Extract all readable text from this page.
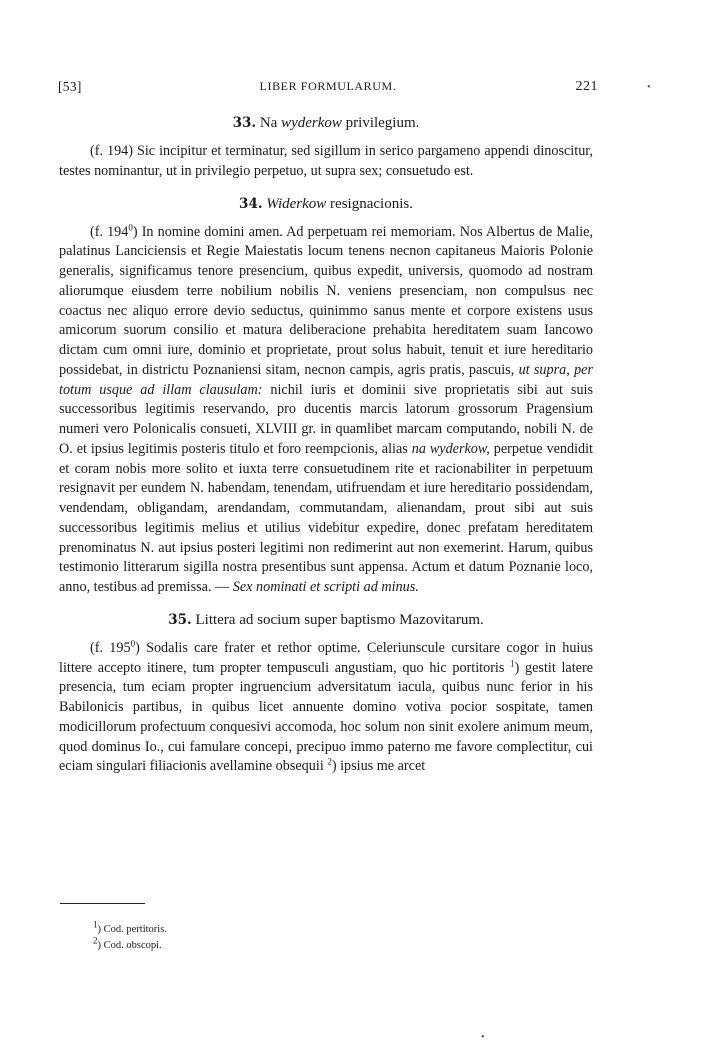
[53]	LIBER FORMULARUM.	221
33. Na wyderkow privilegium.

(f. 194) Sic incipitur et terminatur, sed sigillum in serico pargameno appendi dinoscitur, testes nominantur, ut in privilegio perpetuo, ut supra sex; consuetudo est.

34. Widerkow resignacionis.

(f. $194^0$) In nomine domini amen. Ad perpetuam rei memoriam. Nos Albertus de Malie, palatinus Lanciciensis et Regie Maiestatis locum tenens necnon capitaneus Maioris Polonie generalis, significamus tenore presencium, quibus expedit, universis, quomodo ad nostram aliorumque eiusdem terre nobilium nobilis N. veniens presenciam, non compulsus nec coactus nec aliquo errore devio seductus, quinimmo sanus mente et corpore existens usus amicorum suorum consilio et matura deliberacione prehabita hereditatem suam Iancowo dictam cum omni iure, dominio et proprietate, prout solus habuit, tenuit et iure hereditario possidebat, in districtu Poznaniensi sitam, necnon campis, agris pratis, pascuis, ut supra, per totum usque ad illam clausulam: nichil iuris et dominii sive proprietatis sibi aut suis successoribus legitimis reservando, pro ducentis marcis latorum grossorum Pragensium numeri vero Polonicalis consueti, XLVIII gr. in quamlibet marcam computando, nobili N. de O. et ipsius legitimis posteris titulo et foro reempcionis, alias na wyderkow, perpetue vendidit et coram nobis more solito et iuxta terre consuetudinem rite et racionabiliter in perpetuum resignavit per eundem N. habendam, tenendam, utifruendam et iure hereditario possidendam, vendendam, obligandam, arendandam, commutandam, alienandam, prout sibi aut suis successoribus legitimis melius et utilius videbitur expedire, donec prefatam hereditatem prenominatus N. aut ipsius posteri legitimi non redimerint aut non exemerint. Harum, quibus testimonio litterarum sigilla nostra presentibus sunt appensa. Actum et datum Poznanie loco, anno, testibus ad premissa. — Sex nominati et scripti ad minus.

35. Littera ad socium super baptismo Mazovitarum.

(f. $195^0$) Sodalis care frater et rethor optime. Celeriunscule cursitare cogor in huius littere accepto itinere, tum propter tempusculi angustiam, quo hic portitoris $^1$) gestit latere presencia, tum eciam propter ingruencium adversitatum iacula, quibus nunc ferior in his Babilonicis partibus, in quibus licet annuente domino votiva pocior sospitate, tamen modicillorum profectuum conquesivi accomoda, hoc solum non sinit exolere animum meum, quod dominus Io., cui famulare concepi, precipuo immo paterno me favore complectitur, cui eciam singulari filiacionis avellamine obsequii $^2$) ipsius me arcet

$^1$) Cod. pertitoris.
$^2$) Cod. obscopi.
•
•
